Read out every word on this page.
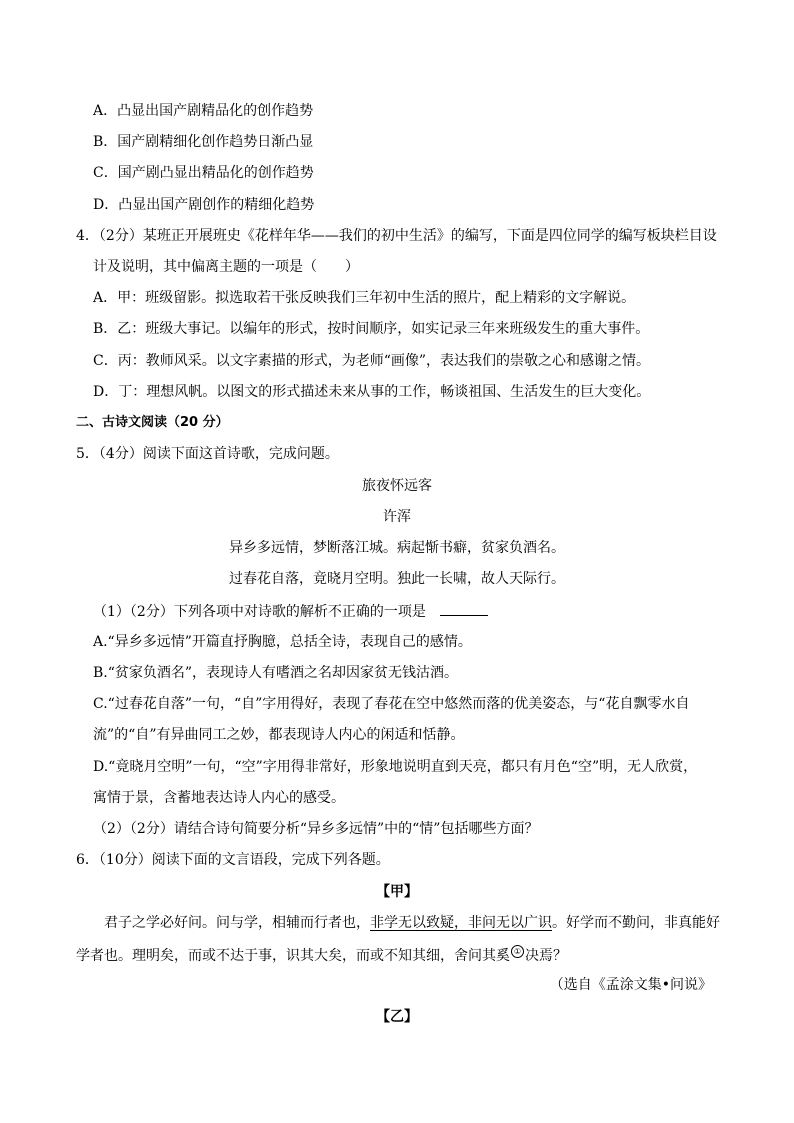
A．凸显出国产剧精品化的创作趋势
B．国产剧精细化创作趋势日渐凸显
C．国产剧凸显出精品化的创作趋势
D．凸显出国产剧创作的精细化趋势
4．（2分）某班正开展班史《花样年华——我们的初中生活》的编写，下面是四位同学的编写板块栏目设
计及说明，其中偏离主题的一项是（　　）
A．甲：班级留影。拟选取若干张反映我们三年初中生活的照片，配上精彩的文字解说。
B．乙：班级大事记。以编年的形式，按时间顺序，如实记录三年来班级发生的重大事件。
C．丙：教师风采。以文字素描的形式，为老师“画像”，表达我们的崇敬之心和感谢之情。
D．丁：理想风帆。以图文的形式描述未来从事的工作，畅谈祖国、生活发生的巨大变化。
二、古诗文阅读（20 分）
5．（4分）阅读下面这首诗歌，完成问题。
旅夜怀远客
许浑
异乡多远情，梦断落江城。病起惭书癖，贫家负酒名。
过春花自落，竟晓月空明。独此一长啸，故人天际行。
（1）（2分）下列各项中对诗歌的解析不正确的一项是
A.“异乡多远情”开篇直抒胸臆，总括全诗，表现自己的感情。
B.“贫家负酒名”，表现诗人有嗜酒之名却因家贫无钱沽酒。
C.“过春花自落”一句，“自”字用得好，表现了春花在空中悠然而落的优美姿态，与“花自飘零水自
流”的“自”有异曲同工之妙，都表现诗人内心的闲适和恬静。
D.“竟晓月空明”一句，“空”字用得非常好，形象地说明直到天亮，都只有月色“空”明，无人欣赏，
寓情于景，含蓄地表达诗人内心的感受。
（2）（2分）请结合诗句简要分析“异乡多远情”中的“情”包括哪些方面？
6．（10分）阅读下面的文言语段，完成下列各题。
【甲】
君子之学必好问。问与学，相辅而行者也，非学无以致疑，非问无以广识。好学而不勤问，非真能好
学者也。理明矣，而或不达于事，识其大矣，而或不知其细，舍问其奚 ① 决焉？
（选自《孟涂文集•问说》
【乙】
